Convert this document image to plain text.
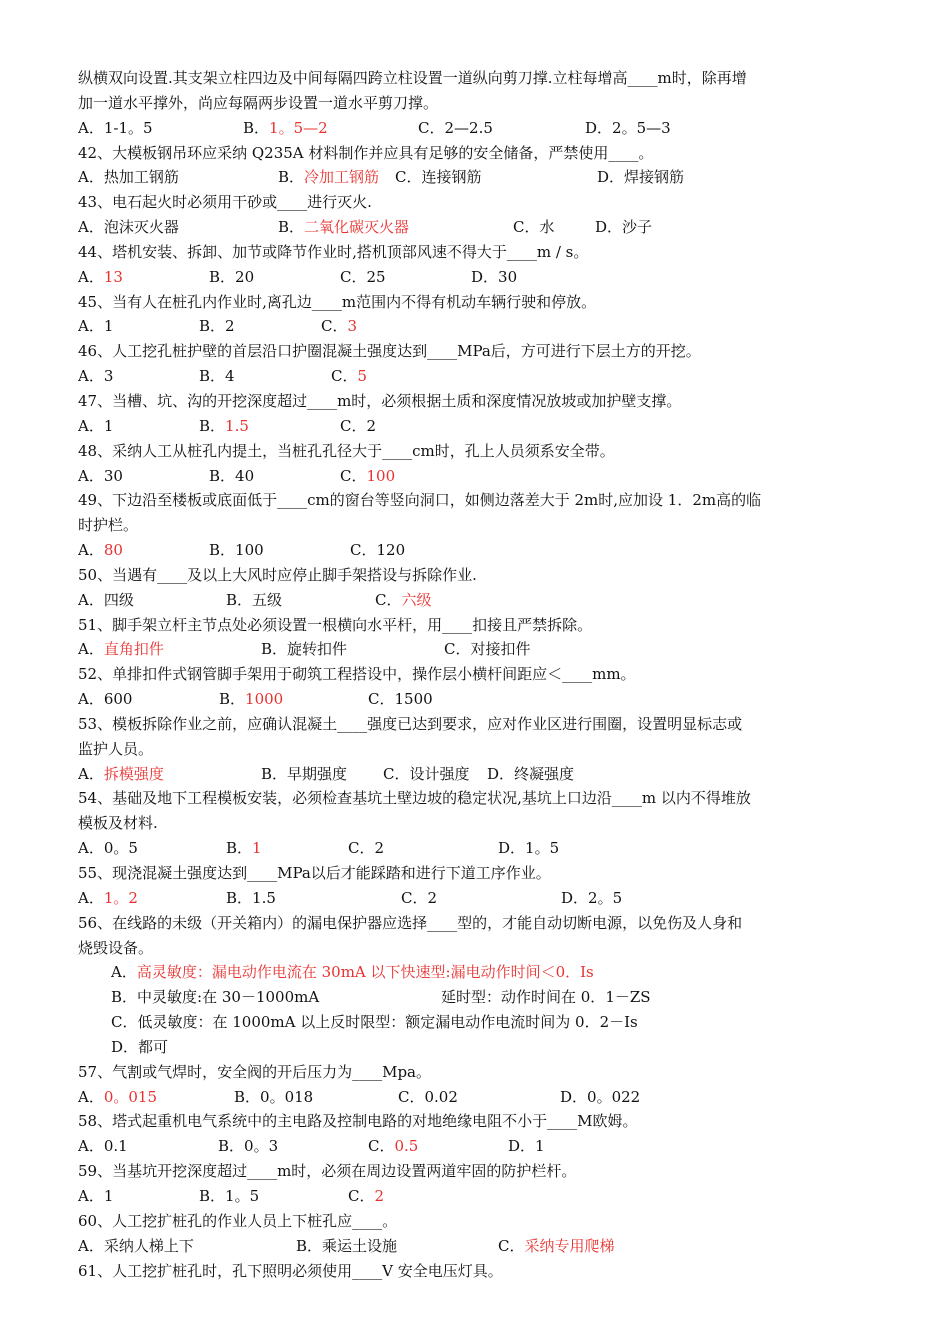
纵横双向设置.其支架立柱四边及中间每隔四跨立柱设置一道纵向剪刀撑.立柱每增高____m时，除再增
加一道水平撑外，尚应每隔两步设置一道水平剪刀撑。
A．1-1。5	B．1。5—2	C．2—2.5	D．2。5—3
42、大模板钢吊环应采纳 Q235A 材料制作并应具有足够的安全储备，严禁使用____。
A．热加工钢筋	B．冷加工钢筋 C．连接钢筋	D．焊接钢筋
43、电石起火时必须用干砂或____进行灭火.
A．泡沫灭火器	B．二氧化碳灭火器	C．水	D．沙子
44、塔机安装、拆卸、加节或降节作业时,搭机顶部风速不得大于____m / s。
A．13	B．20	C．25	D．30
45、当有人在桩孔内作业时,离孔边____m范围内不得有机动车辆行驶和停放。
A．1	B．2	C．3
46、人工挖孔桩护壁的首层沿口护圈混凝土强度达到____MPa后，方可进行下层土方的开挖。
A．3	B．4	C．5
47、当槽、坑、沟的开挖深度超过____m时，必须根据土质和深度情况放坡或加护壁支撑。
A．1	B．1.5	C．2
48、采纳人工从桩孔内提土，当桩孔孔径大于____cm时，孔上人员须系安全带。
A．30	B．40	C．100
49、下边沿至楼板或底面低于____cm的窗台等竖向洞口，如侧边落差大于 2m时,应加设 1．2m高的临
时护栏。
A．80	B．100	C．120
50、当遇有____及以上大风时应停止脚手架搭设与拆除作业.
A．四级	B．五级	C．六级
51、脚手架立杆主节点处必须设置一根横向水平杆，用____扣接且严禁拆除。
A．直角扣件	B．旋转扣件	C．对接扣件
52、单排扣件式钢管脚手架用于砌筑工程搭设中，操作层小横杆间距应＜____mm。
A．600	B．1000	C．1500
53、模板拆除作业之前，应确认混凝土____强度已达到要求，应对作业区进行围圈，设置明显标志或
监护人员。
A．拆模强度	B．早期强度 C．设计强度 D．终凝强度
54、基础及地下工程模板安装，必须检查基坑土壁边坡的稳定状况,基坑上口边沿____m 以内不得堆放
模板及材料.
A．0。5	B．1	C．2	D．1。5
55、现浇混凝土强度达到____MPa以后才能踩踏和进行下道工序作业。
A．1。2	B．1.5	C．2	D．2。5
56、在线路的未级（开关箱内）的漏电保护器应选择____型的，才能自动切断电源，以免伤及人身和
烧毁设备。
A．高灵敏度：漏电动作电流在 30mA 以下快速型:漏电动作时间＜0．Is
B．中灵敏度:在 30－1000mA	延时型：动作时间在 0．1－ZS
C．低灵敏度：在 1000mA 以上反时限型：额定漏电动作电流时间为 0．2－Is
D．都可
57、气割或气焊时，安全阀的开后压力为____Mpa。
A．0。015	B．0。018	C．0.02	D．0。022
58、塔式起重机电气系统中的主电路及控制电路的对地绝缘电阻不小于____M欧姆。
A．0.1	B．0。3	C．0.5	D．1
59、当基坑开挖深度超过____m时，必须在周边设置两道牢固的防护栏杆。
A．1	B．1。5	C．2
60、人工挖扩桩孔的作业人员上下桩孔应____。
A．采纳人梯上下	B．乘运土设施	C．采纳专用爬梯
61、人工挖扩桩孔时，孔下照明必须使用____V 安全电压灯具。
